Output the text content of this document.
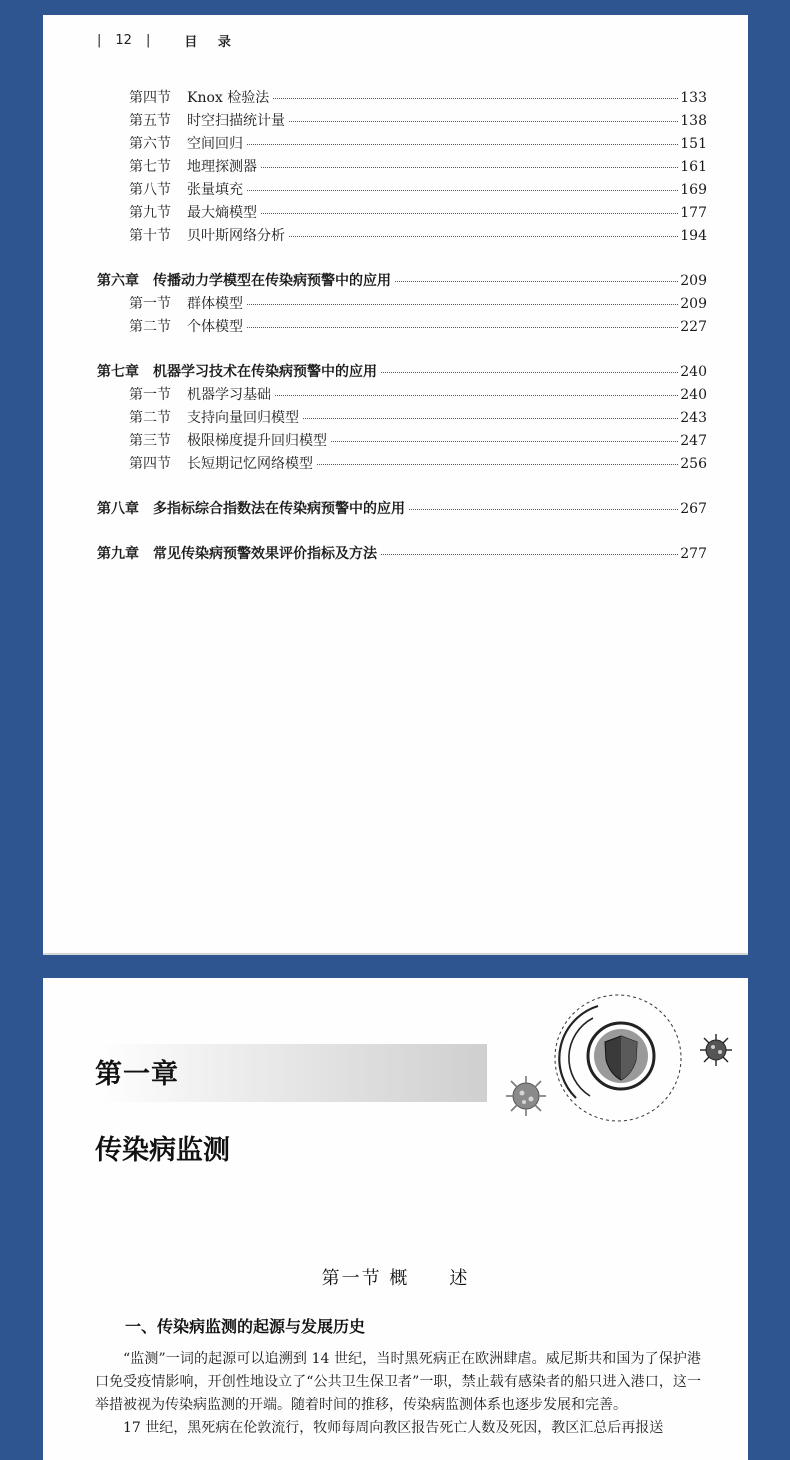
| 12 |	目 录
第四节 Knox 检验法	133
第五节 时空扫描统计量	138
第六节 空间回归	151
第七节 地理探测器	161
第八节 张量填充	169
第九节 最大熵模型	177
第十节 贝叶斯网络分析	194
第六章 传播动力学模型在传染病预警中的应用	209
第一节 群体模型	209
第二节 个体模型	227
第七章 机器学习技术在传染病预警中的应用	240
第一节 机器学习基础	240
第二节 支持向量回归模型	243
第三节 极限梯度提升回归模型	247
第四节 长短期记忆网络模型	256
第八章 多指标综合指数法在传染病预警中的应用	267
第九章 常见传染病预警效果评价指标及方法	277
第一章
传染病监测
第一节 概　　述
一、传染病监测的起源与发展历史

“监测”一词的起源可以追溯到 14 世纪，当时黑死病正在欧洲肆虐。威尼斯共和国为了保护港口免受疫情影响，开创性地设立了“公共卫生保卫者”一职，禁止载有感染者的船只进入港口，这一举措被视为传染病监测的开端。随着时间的推移，传染病监测体系也逐步发展和完善。

17 世纪，黑死病在伦敦流行，牧师每周向教区报告死亡人数及死因，教区汇总后再报送
